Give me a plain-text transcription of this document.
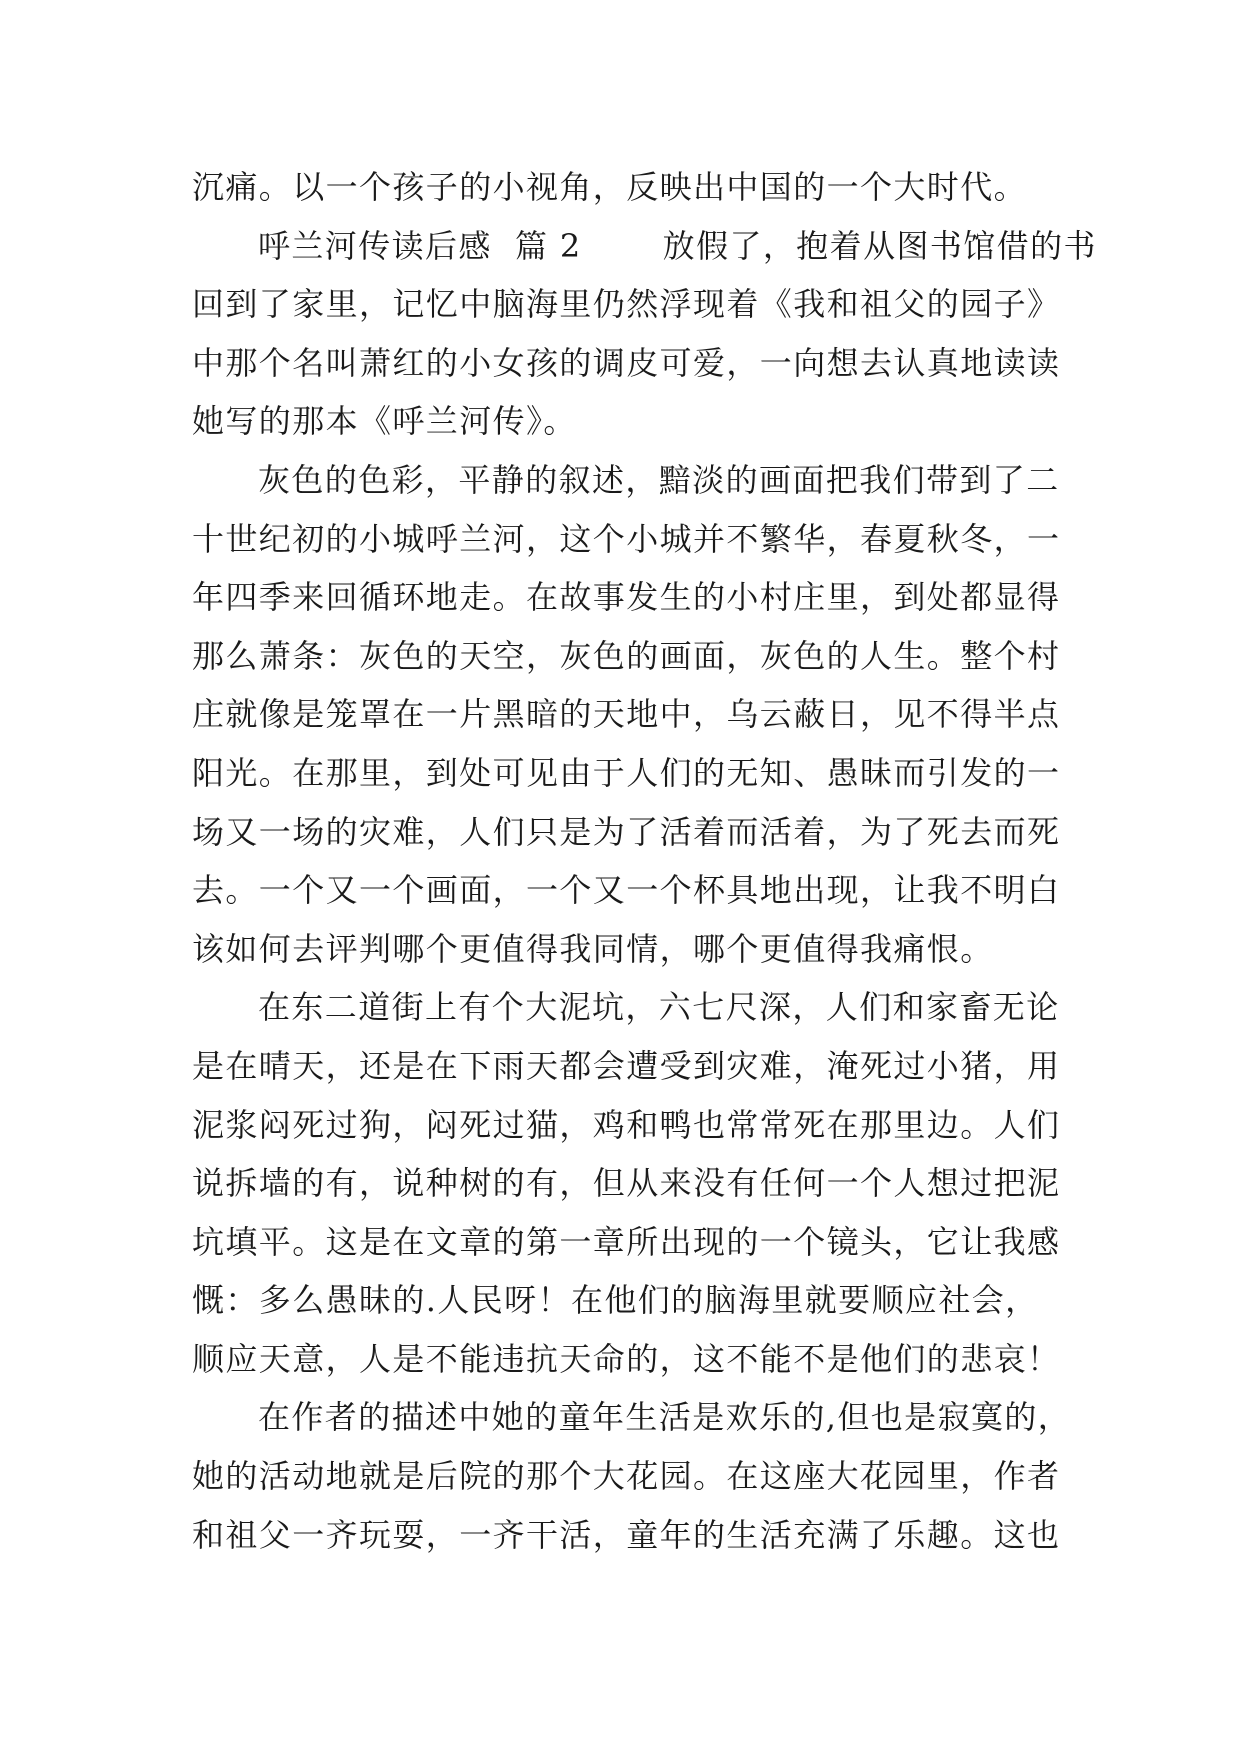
沉痛。以一个孩子的小视角，反映出中国的一个大时代。
呼兰河传读后感  篇 2       放假了，抱着从图书馆借的书
回到了家里，记忆中脑海里仍然浮现着《我和祖父的园子》
中那个名叫萧红的小女孩的调皮可爱，一向想去认真地读读
她写的那本《呼兰河传》。
灰色的色彩，平静的叙述，黯淡的画面把我们带到了二
十世纪初的小城呼兰河，这个小城并不繁华，春夏秋冬，一
年四季来回循环地走。在故事发生的小村庄里，到处都显得
那么萧条：灰色的天空，灰色的画面，灰色的人生。整个村
庄就像是笼罩在一片黑暗的天地中，乌云蔽日，见不得半点
阳光。在那里，到处可见由于人们的无知、愚昧而引发的一
场又一场的灾难，人们只是为了活着而活着，为了死去而死
去。一个又一个画面，一个又一个杯具地出现，让我不明白
该如何去评判哪个更值得我同情，哪个更值得我痛恨。
在东二道街上有个大泥坑，六七尺深，人们和家畜无论
是在晴天，还是在下雨天都会遭受到灾难，淹死过小猪，用
泥浆闷死过狗，闷死过猫，鸡和鸭也常常死在那里边。人们
说拆墙的有，说种树的有，但从来没有任何一个人想过把泥
坑填平。这是在文章的第一章所出现的一个镜头，它让我感
慨：多么愚昧的.人民呀！在他们的脑海里就要顺应社会，
顺应天意，人是不能违抗天命的，这不能不是他们的悲哀！
在作者的描述中她的童年生活是欢乐的,但也是寂寞的，
她的活动地就是后院的那个大花园。在这座大花园里，作者
和祖父一齐玩耍，一齐干活，童年的生活充满了乐趣。这也
